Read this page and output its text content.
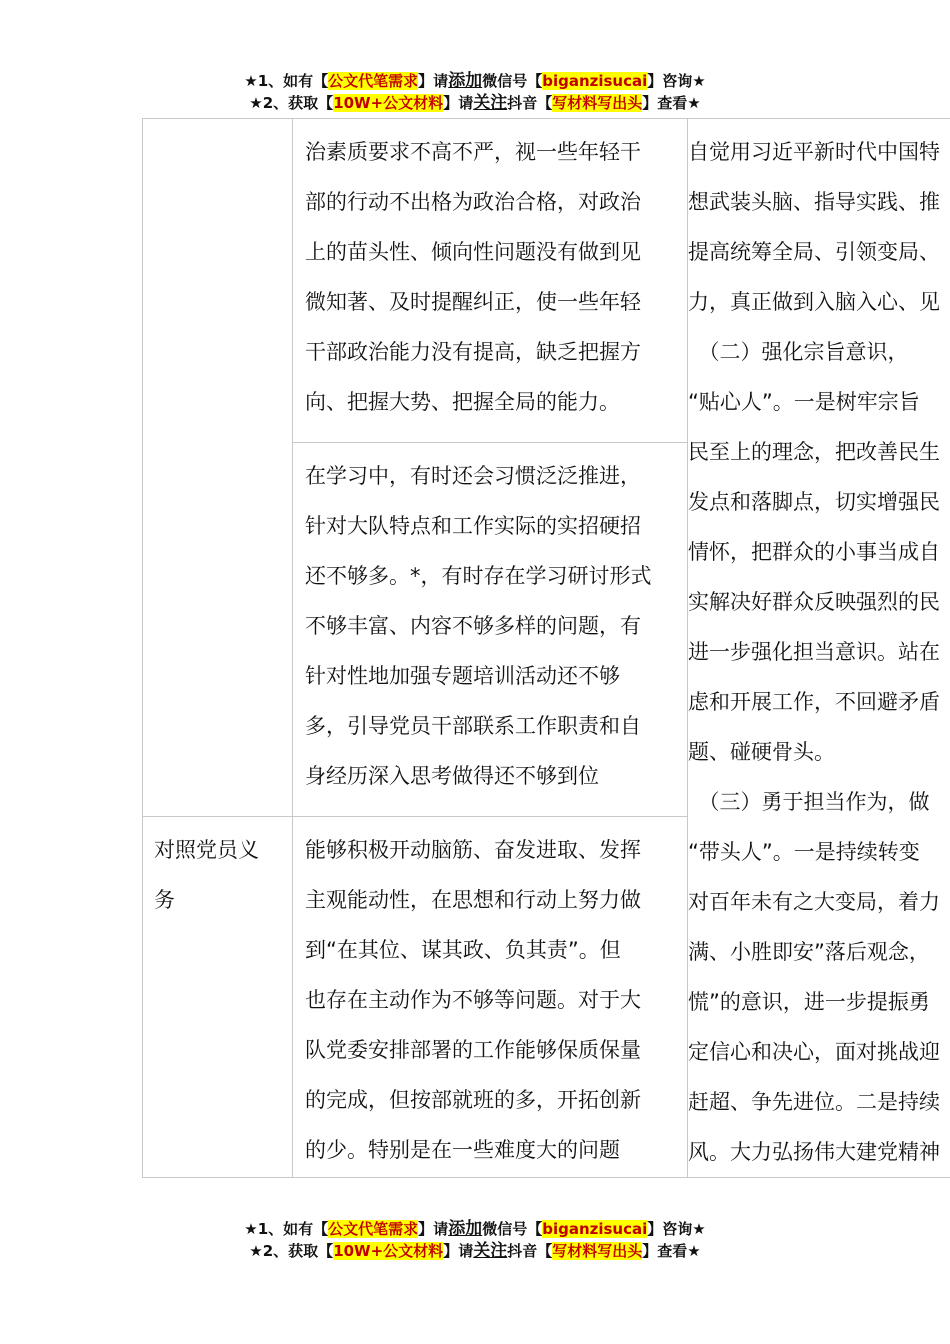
★1、如有【公文代笔需求】请添加微信号【biganzisucai】咨询★
★2、获取【10W+公文材料】请关注抖音【写材料写出头】查看★
治素质要求不高不严，视一些年轻干
部的行动不出格为政治合格，对政治
上的苗头性、倾向性问题没有做到见
微知著、及时提醒纠正，使一些年轻
干部政治能力没有提高，缺乏把握方
向、把握大势、把握全局的能力。
在学习中，有时还会习惯泛泛推进，
针对大队特点和工作实际的实招硬招
还不够多。*，有时存在学习研讨形式
不够丰富、内容不够多样的问题，有
针对性地加强专题培训活动还不够
多，引导党员干部联系工作职责和自
身经历深入思考做得还不够到位
对照党员义
务
能够积极开动脑筋、奋发进取、发挥
主观能动性，在思想和行动上努力做
到“在其位、谋其政、负其责”。但
也存在主动作为不够等问题。对于大
队党委安排部署的工作能够保质保量
的完成，但按部就班的多，开拓创新
的少。特别是在一些难度大的问题
自觉用习近平新时代中国特
想武装头脑、指导实践、推
提高统筹全局、引领变局、
力，真正做到入脑入心、见
　（二）强化宗旨意识，
“贴心人”。一是树牢宗旨
民至上的理念，把改善民生
发点和落脚点，切实增强民
情怀，把群众的小事当成自
实解决好群众反映强烈的民
进一步强化担当意识。站在
虑和开展工作，不回避矛盾
题、碰硬骨头。
　（三）勇于担当作为，做
“带头人”。一是持续转变
对百年未有之大变局，着力
满、小胜即安”落后观念，
慌”的意识，进一步提振勇
定信心和决心，面对挑战迎
赶超、争先进位。二是持续
风。大力弘扬伟大建党精神
★1、如有【公文代笔需求】请添加微信号【biganzisucai】咨询★
★2、获取【10W+公文材料】请关注抖音【写材料写出头】查看★
